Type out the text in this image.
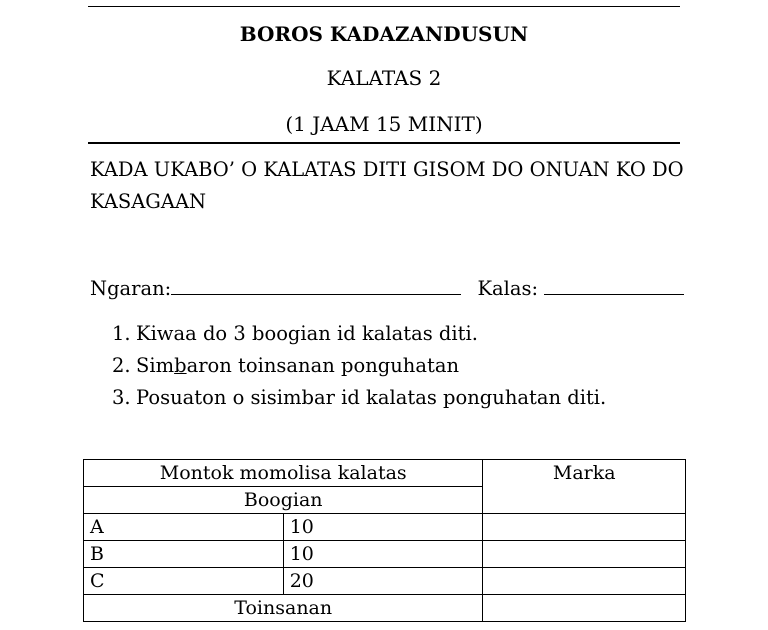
BOROS KADAZANDUSUN
KALATAS 2
(1 JAAM 15 MINIT)
KADA UKABO’ O KALATAS DITI GISOM DO ONUAN KO DO
KASAGAAN
Ngaran:	Kalas:
1. Kiwaa do 3 boogian id kalatas diti.
2. Simbaron toinsanan ponguhatan
3. Posuaton o sisimbar id kalatas ponguhatan diti.
Montok momolisa kalatas		Marka
Boogian		
A	10	
B	10	
C	20	
Toinsanan		
